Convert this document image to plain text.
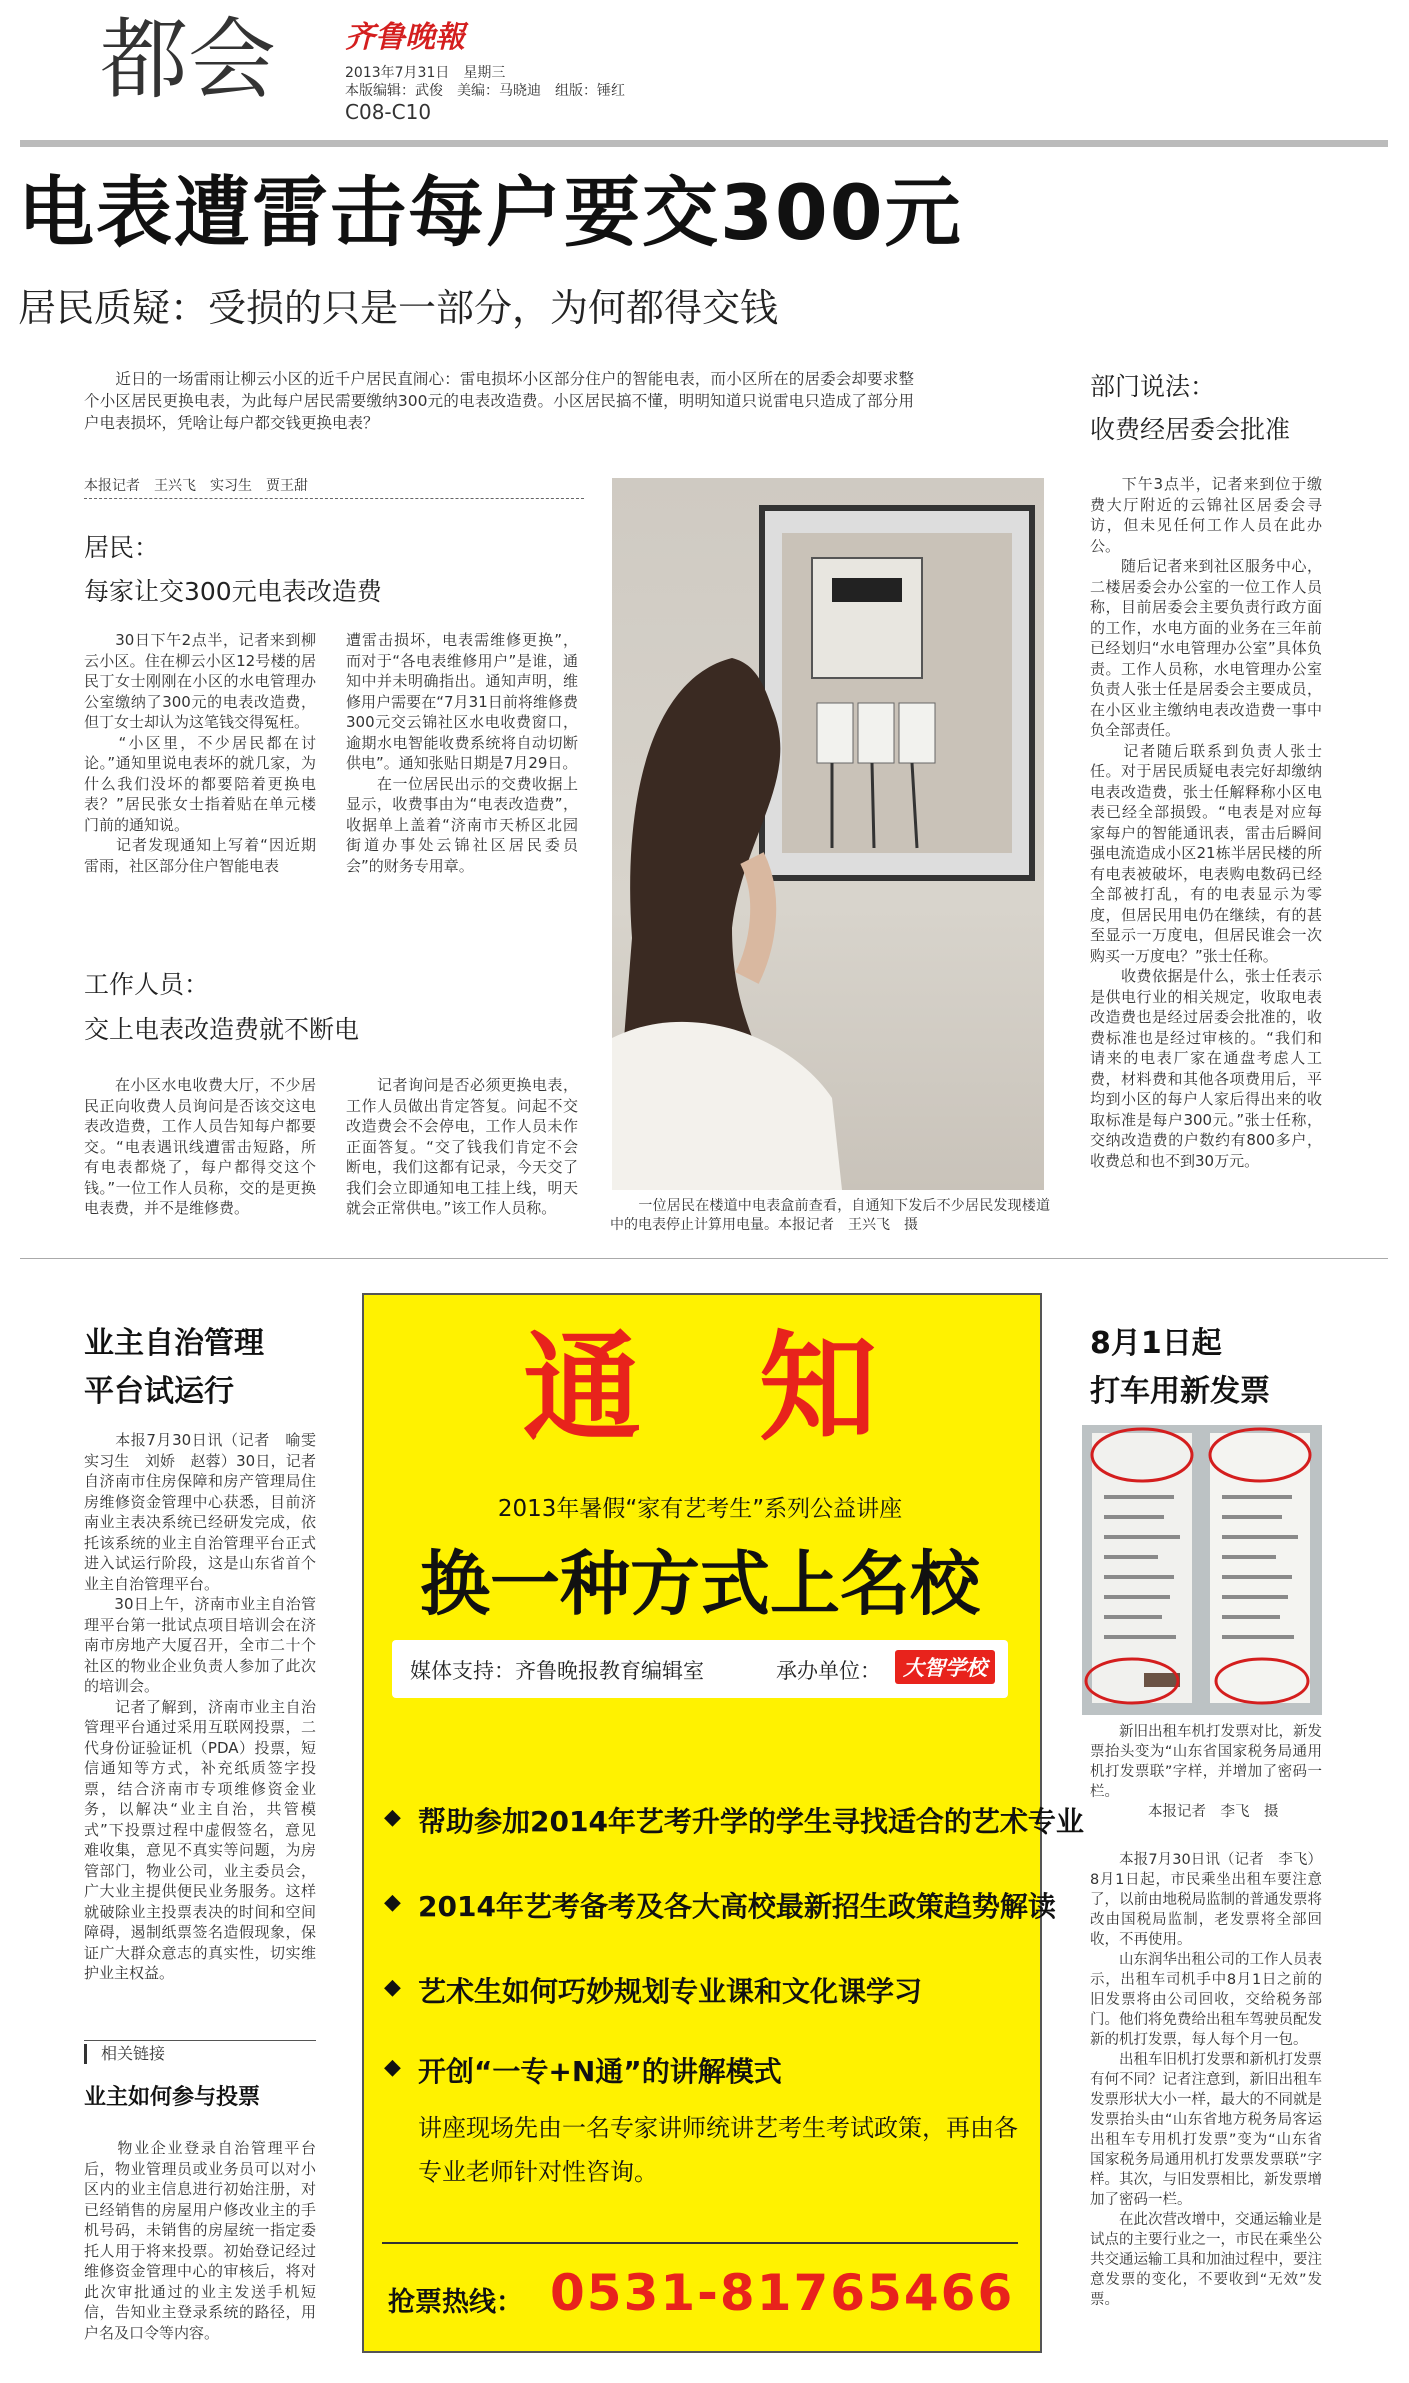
都会 齐鲁晚報
2013年7月31日　星期三
本版编辑：武俊　美编：马晓迪　组版：锤红
C08-C10
电表遭雷击每户要交300元
居民质疑：受损的只是一部分，为何都得交钱
　　近日的一场雷雨让柳云小区的近千户居民直闹心：雷电损坏小区部分住户的智能电表，而小区所在的居委会却要求整个小区居民更换电表，为此每户居民需要缴纳300元的电表改造费。小区居民搞不懂，明明知道只说雷电只造成了部分用户电表损坏，凭啥让每户都交钱更换电表？
本报记者　王兴飞　实习生　贾王甜
居民：
每家让交300元电表改造费
　　30日下午2点半，记者来到柳云小区。住在柳云小区12号楼的居民丁女士刚刚在小区的水电管理办公室缴纳了300元的电表改造费，但丁女士却认为这笔钱交得冤枉。
　　“小区里，不少居民都在讨论。”通知里说电表坏的就几家，为什么我们没坏的都要陪着更换电表？”居民张女士指着贴在单元楼门前的通知说。
　　记者发现通知上写着“因近期雷雨，社区部分住户智能电表
遭雷击损坏，电表需维修更换”，而对于“各电表维修用户”是谁，通知中并未明确指出。通知声明，维修用户需要在“7月31日前将维修费300元交云锦社区水电收费窗口，逾期水电智能收费系统将自动切断供电”。通知张贴日期是7月29日。
　　在一位居民出示的交费收据上显示，收费事由为“电表改造费”，收据单上盖着“济南市天桥区北园街道办事处云锦社区居民委员会”的财务专用章。
工作人员：
交上电表改造费就不断电
　　在小区水电收费大厅，不少居民正向收费人员询问是否该交这电表改造费，工作人员告知每户都要交。“电表遇讯线遭雷击短路，所有电表都烧了，每户都得交这个钱。”一位工作人员称，交的是更换电表费，并不是维修费。
　　记者询问是否必须更换电表，工作人员做出肯定答复。问起不交改造费会不会停电，工作人员未作正面答复。“交了钱我们肯定不会断电，我们这都有记录，今天交了我们会立即通知电工挂上线，明天就会正常供电。”该工作人员称。	　　一位居民在楼道中电表盒前查看，自通知下发后不少居民发现楼道中的电表停止计算用电量。本报记者　王兴飞　摄
部门说法：
收费经居委会批准
　　下午3点半，记者来到位于缴费大厅附近的云锦社区居委会寻访，但未见任何工作人员在此办公。
　　随后记者来到社区服务中心，二楼居委会办公室的一位工作人员称，目前居委会主要负责行政方面的工作，水电方面的业务在三年前已经划归“水电管理办公室”具体负责。工作人员称，水电管理办公室负责人张士任是居委会主要成员，在小区业主缴纳电表改造费一事中负全部责任。
　　记者随后联系到负责人张士任。对于居民质疑电表完好却缴纳电表改造费，张士任解释称小区电表已经全部损毁。“电表是对应每家每户的智能通讯表，雷击后瞬间强电流造成小区21栋半居民楼的所有电表被破坏，电表购电数码已经全部被打乱，有的电表显示为零度，但居民用电仍在继续，有的甚至显示一万度电，但居民谁会一次购买一万度电？”张士任称。
　　收费依据是什么，张士任表示是供电行业的相关规定，收取电表改造费也是经过居委会批准的，收费标准也是经过审核的。“我们和请来的电表厂家在通盘考虑人工费，材料费和其他各项费用后，平均到小区的每户人家后得出来的收取标准是每户300元。”张士任称，交纳改造费的户数约有800多户，收费总和也不到30万元。
业主自治管理
平台试运行
　　本报7月30日讯（记者　喻雯　实习生　刘娇　赵蓉）30日，记者自济南市住房保障和房产管理局住房维修资金管理中心获悉，目前济南业主表决系统已经研发完成，依托该系统的业主自治管理平台正式进入试运行阶段，这是山东省首个业主自治管理平台。
　　30日上午，济南市业主自治管理平台第一批试点项目培训会在济南市房地产大厦召开，全市二十个社区的物业企业负责人参加了此次的培训会。
　　记者了解到，济南市业主自治管理平台通过采用互联网投票，二代身份证验证机（PDA）投票，短信通知等方式，补充纸质签字投票，结合济南市专项维修资金业务，以解决“业主自治，共管模式”下投票过程中虚假签名，意见难收集，意见不真实等问题，为房管部门，物业公司，业主委员会，广大业主提供便民业务服务。这样就破除业主投票表决的时间和空间障碍，遏制纸票签名造假现象，保证广大群众意志的真实性，切实维护业主权益。
相关链接
业主如何参与投票
　　物业企业登录自治管理平台后，物业管理员或业务员可以对小区内的业主信息进行初始注册，对已经销售的房屋用户修改业主的手机号码，未销售的房屋统一指定委托人用于将来投票。初始登记经过维修资金管理中心的审核后，将对此次审批通过的业主发送手机短信，告知业主登录系统的路径，用户名及口令等内容。
通　知
2013年暑假“家有艺考生”系列公益讲座
换一种方式上名校
媒体支持：齐鲁晚报教育编辑室	承办单位：	大智学校
◆ 帮助参加2014年艺考升学的学生寻找适合的艺术专业
◆ 2014年艺考备考及各大高校最新招生政策趋势解读
◆ 艺术生如何巧妙规划专业课和文化课学习
◆ 开创“一专+N通”的讲解模式
讲座现场先由一名专家讲师统讲艺考生考试政策，再由各专业老师针对性咨询。
抢票热线： 0531-81765466
8月1日起
打车用新发票
　　新旧出租车机打发票对比，新发票抬头变为“山东省国家税务局通用机打发票联”字样，并增加了密码一栏。
　　　　本报记者　李飞　摄
　　本报7月30日讯（记者　李飞）8月1日起，市民乘坐出租车要注意了，以前由地税局监制的普通发票将改由国税局监制，老发票将全部回收，不再使用。
　　山东润华出租公司的工作人员表示，出租车司机手中8月1日之前的旧发票将由公司回收，交给税务部门。他们将免费给出租车驾驶员配发新的机打发票，每人每个月一包。
　　出租车旧机打发票和新机打发票有何不同？记者注意到，新旧出租车发票形状大小一样，最大的不同就是发票抬头由“山东省地方税务局客运出租车专用机打发票”变为“山东省国家税务局通用机打发票发票联”字样。其次，与旧发票相比，新发票增加了密码一栏。
　　在此次营改增中，交通运输业是试点的主要行业之一，市民在乘坐公共交通运输工具和加油过程中，要注意发票的变化，不要收到“无效”发票。
